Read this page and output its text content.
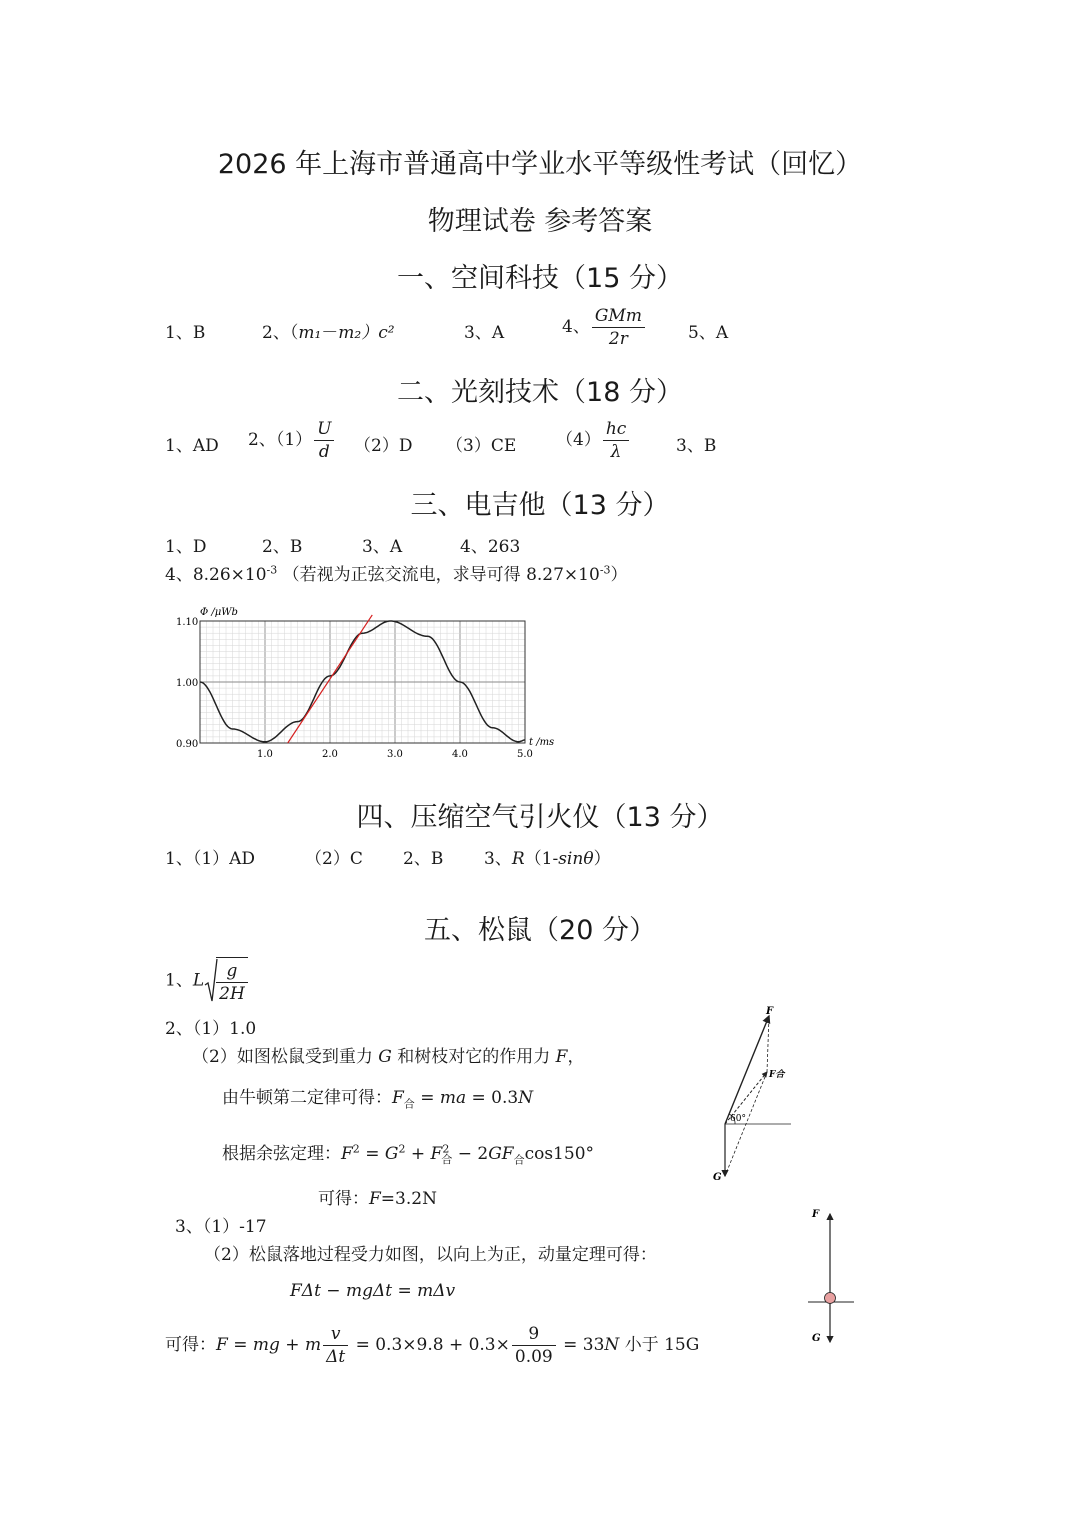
2026 年上海市普通高中学业水平等级性考试（回忆）
物理试卷 参考答案
一、空间科技（15 分）
1、B	2、（m₁－m₂）c²	3、A	4、 $\frac{\text{GMm}}{2r}$	5、A
二、光刻技术（18 分）
1、AD 2、$(1) \frac{U}{d} (2)D$ （3）CE $(4) \frac{hc}{\lambda}$	3、B
三、电吉他（13 分）
1、D	2、B	3、A	4、263
4、$8.26\times 10^{-3}$ （若视为正弦交流电，求导可得 $8.27\times 10^{-3}$）
1.0	2.0	3.0	4.0	5.0
0.90
1.00
1.10
Φ /μWb
t /ms
四、压缩空气引火仪（13 分）
1、（1）AD	（2）C 2、B 3、R（1-sinθ）
五、松鼠（20 分）
1、L $\frac{g}{2H}$
2、（1）1.0
（2）如图松鼠受到重力 G 和树枝对它的作用力 F，
由牛顿第二定律可得：$F_合$ = ma = 0.3N
根据余弦定理：$F^2 = G^2 + F^2_合 - 2GF_合\cos 150^\circ$
可得：F=3.2N
3、（1）-17
（2）松鼠落地过程受力如图，以向上为正，动量定理可得：
FΔt − mgΔt = mΔv
可得：F = mg + m $\frac{v}{\Delta t} = 0.3\times 9.8 + 0.3\times \frac{9}{0.09} = 33N$ 小于 15G
F
F合
60°
G
F
G
